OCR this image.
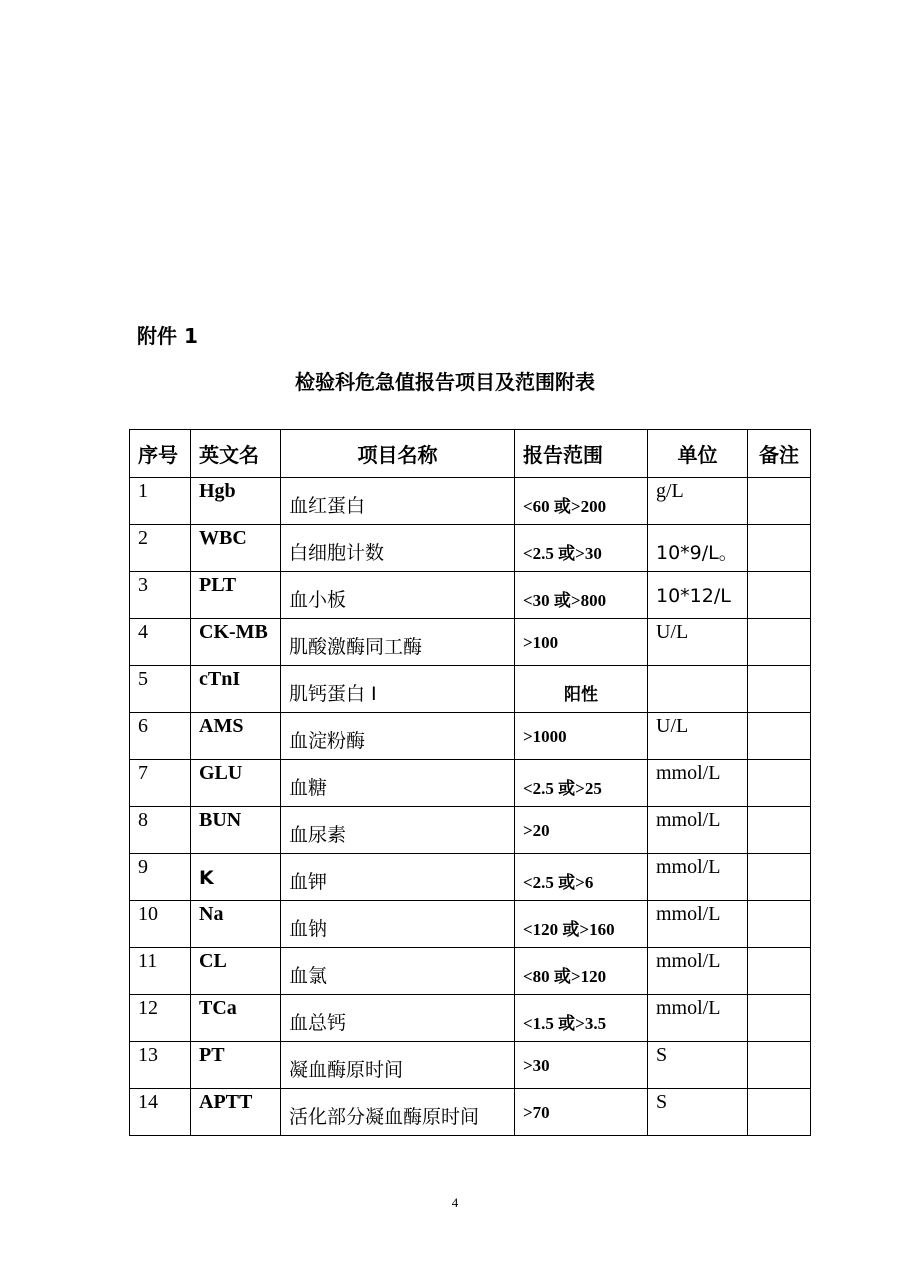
附件 1
检验科危急值报告项目及范围附表
序号	英文名	项目名称	报告范围	单位	备注
1	Hgb	血红蛋白	<60 或>200	g/L	
2	WBC	白细胞计数	<2.5 或>30	10*9/L。	
3	PLT	血小板	<30 或>800	10*12/L	
4	CK-MB	肌酸激酶同工酶	>100	U/L	
5	cTnI	肌钙蛋白 I	阳性		
6	AMS	血淀粉酶	>1000	U/L	
7	GLU	血糖	<2.5 或>25	mmol/L	
8	BUN	血尿素	>20	mmol/L	
9	K	血钾	<2.5 或>6	mmol/L	
10	Na	血钠	<120 或>160	mmol/L	
11	CL	血氯	<80 或>120	mmol/L	
12	TCa	血总钙	<1.5 或>3.5	mmol/L	
13	PT	凝血酶原时间	>30	S	
14	APTT	活化部分凝血酶原时间	>70	S	
4
